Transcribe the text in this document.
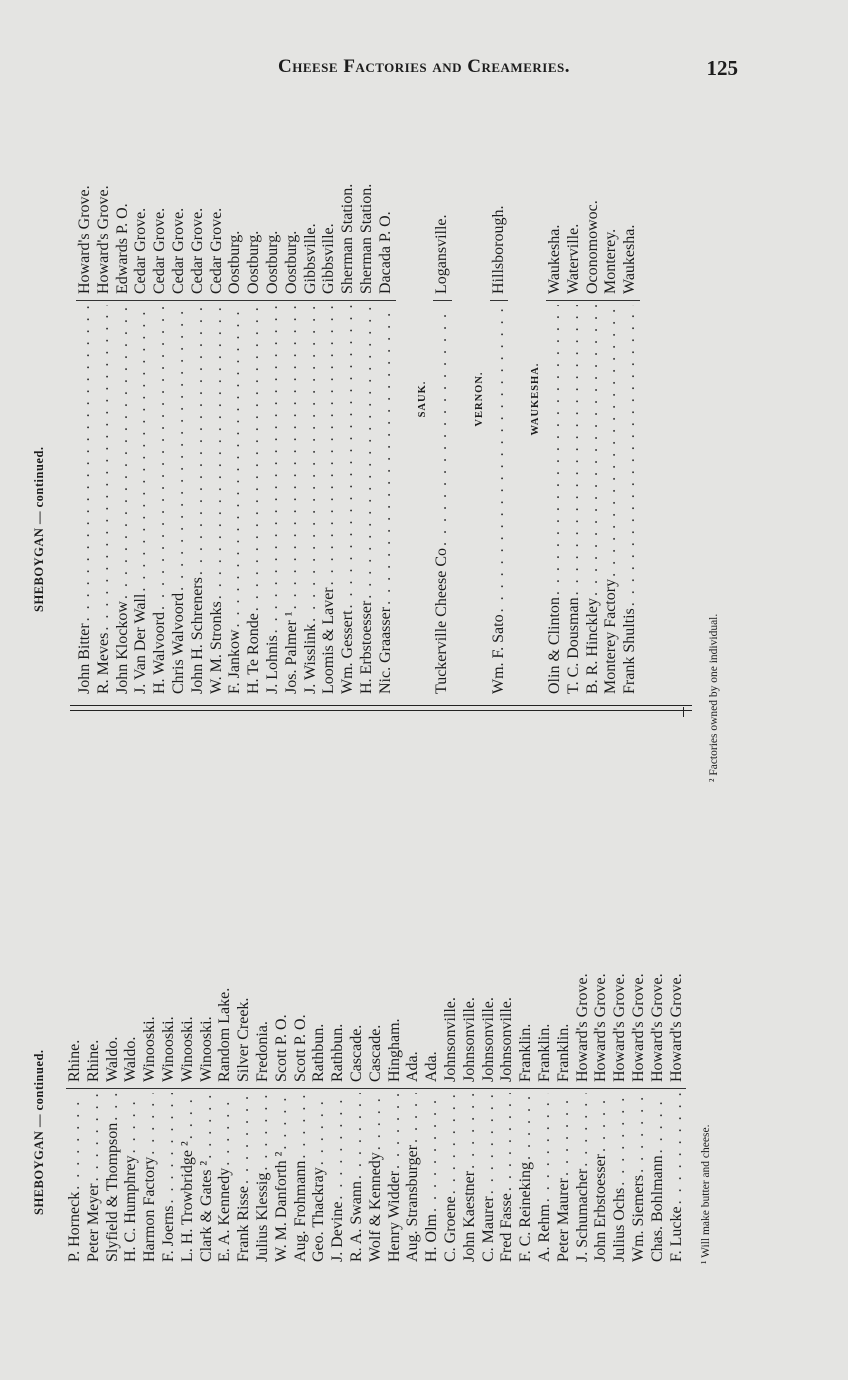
Cheese Factories and Creameries.	125
SHEBOYGAN — continued.
P. Horneck
. . .
Rhine.
Peter Meyer
. . .
Rhine.
Slyfield & Thompson
. . .
Waldo.
H. C. Humphrey
. . .
Waldo.
Harmon Factory
. . .
Winooski.
F. Joerns
. . .
Winooski.
L. H. Trowbridge ²
. . .
Winooski.
Clark & Gates ²
. . .
Winooski.
E. A. Kennedy
. . .
Random Lake.
Frank Risse
. . .
Silver Creek.
Julius Klessig
. . .
Fredonia.
W. M. Danforth ²
. . .
Scott P. O.
Aug. Frohmann
. . .
Scott P. O.
Geo. Thackray
. . .
Rathbun.
J. Devine
. . .
Rathbun.
R. A. Swann
. . .
Cascade.
Wolf & Kennedy
. . .
Cascade.
Henry Widder
. . .
Hingham.
Aug. Stransburger
. . .
Ada.
H. Olm
. . .
Ada.
C. Groene
. . .
Johnsonville.
John Kaestner
. . .
Johnsonville.
C. Maurer
. . .
Johnsonville.
Fred Fasse
. . .
Johnsonville.
F. C. Reineking
. . .
Franklin.
A. Rehm
. . .
Franklin.
Peter Maurer
. . .
Franklin.
J. Schumacher
. . .
Howard's Grove.
John Erbstoesser
. . .
Howard's Grove.
Julius Ochs
. . .
Howard's Grove.
Wm. Siemers
. . .
Howard's Grove.
Chas. Bohlmann
. . .
Howard's Grove.
F. Lucke
. . .
Howard's Grove.
¹ Will make butter and cheese.
SHEBOYGAN — continued.
John Bitter
. . .
Howard's Grove.
R. Meves
. . .
Howard's Grove.
John Klockow
. . .
Edwards P. O.
J. Van Der Wall
. . .
Cedar Grove.
H. Walvoord
. . .
Cedar Grove.
Chris Walvoord
. . .
Cedar Grove.
John H. Schreners
. . .
Cedar Grove.
W. M. Stronks
. . .
Cedar Grove.
F. Jankow
. . .
Oostburg.
H. Te Ronde
. . .
Oostburg.
J. Lohnis
. . .
Oostburg.
Jos. Palmer ¹
. . .
Oostburg.
J. Wisslink
. . .
Gibbsville.
Loomis & Laver
. . .
Gibbsville.
Wm. Gessert
. . .
Sherman Station.
H. Erbstoesser
. . .
Sherman Station.
Nic. Graasser
. . .
Dacada P. O.
SAUK.
Tuckerville Cheese Co
. . .
Logansville.
VERNON.
Wm. F. Sato
. . .
Hillsborough.
WAUKESHA.
Olin & Clinton
. . .
Waukesha.
T. C. Dousman
. . .
Waterville.
B. R. Hinckley
. . .
Oconomowoc.
Monterey Factory
. . .
Monterey.
Frank Shultis
. . .
Waukesha.
² Factories owned by one individual.
